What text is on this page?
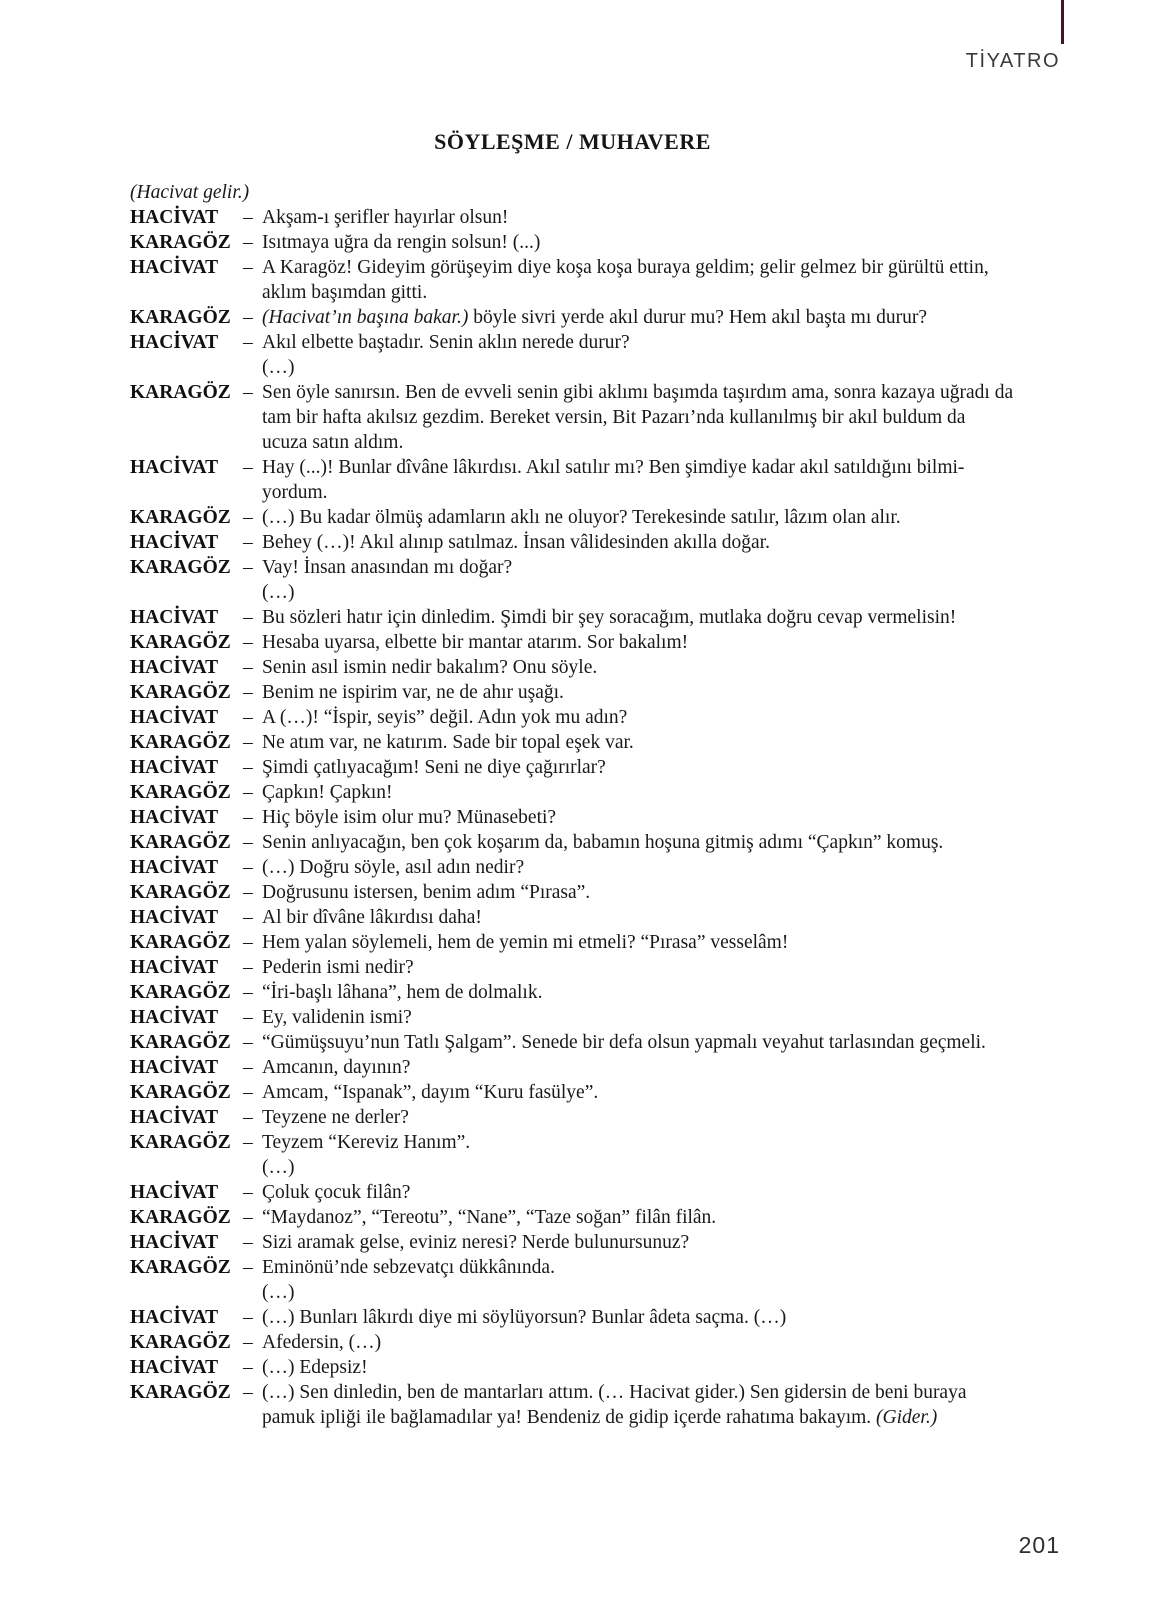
TİYATRO
SÖYLEŞME / MUHAVERE
(Hacivat gelir.)
HACİVAT	– Akşam-ı şerifler hayırlar olsun!
KARAGÖZ – Isıtmaya uğra da rengin solsun! (...)
HACİVAT	– A Karagöz! Gideyim görüşeyim diye koşa koşa buraya geldim; gelir gelmez bir gürültü ettin, aklım başımdan gitti.
KARAGÖZ – (Hacivat’ın başına bakar.) böyle sivri yerde akıl durur mu? Hem akıl başta mı durur?
HACİVAT	– Akıl elbette baştadır. Senin aklın nerede durur?
(…)
KARAGÖZ – Sen öyle sanırsın. Ben de evveli senin gibi aklımı başımda taşırdım ama, sonra kazaya uğradı da tam bir hafta akılsız gezdim. Bereket versin, Bit Pazarı’nda kullanılmış bir akıl buldum da ucuza satın aldım.
HACİVAT	– Hay (...)! Bunlar dîvâne lâkırdısı. Akıl satılır mı? Ben şimdiye kadar akıl satıldığını bilmi-yordum.
KARAGÖZ – (…) Bu kadar ölmüş adamların aklı ne oluyor? Terekesinde satılır, lâzım olan alır.
HACİVAT	– Behey (…)! Akıl alınıp satılmaz. İnsan vâlidesinden akılla doğar.
KARAGÖZ – Vay! İnsan anasından mı doğar?
(…)
HACİVAT	– Bu sözleri hatır için dinledim. Şimdi bir şey soracağım, mutlaka doğru cevap vermelisin!
KARAGÖZ – Hesaba uyarsa, elbette bir mantar atarım. Sor bakalım!
HACİVAT	– Senin asıl ismin nedir bakalım? Onu söyle.
KARAGÖZ – Benim ne ispirim var, ne de ahır uşağı.
HACİVAT	– A (…)! “İspir, seyis” değil. Adın yok mu adın?
KARAGÖZ – Ne atım var, ne katırım. Sade bir topal eşek var.
HACİVAT	– Şimdi çatlıyacağım! Seni ne diye çağırırlar?
KARAGÖZ – Çapkın! Çapkın!
HACİVAT	– Hiç böyle isim olur mu? Münasebeti?
KARAGÖZ – Senin anlıyacağın, ben çok koşarım da, babamın hoşuna gitmiş adımı “Çapkın” komuş.
HACİVAT	– (…) Doğru söyle, asıl adın nedir?
KARAGÖZ – Doğrusunu istersen, benim adım “Pırasa”.
HACİVAT	– Al bir dîvâne lâkırdısı daha!
KARAGÖZ – Hem yalan söylemeli, hem de yemin mi etmeli? “Pırasa” vesselâm!
HACİVAT	– Pederin ismi nedir?
KARAGÖZ – “İri-başlı lâhana”, hem de dolmalık.
HACİVAT	– Ey, validenin ismi?
KARAGÖZ – “Gümüşsuyu’nun Tatlı Şalgam”. Senede bir defa olsun yapmalı veyahut tarlasından geçmeli.
HACİVAT	– Amcanın, dayının?
KARAGÖZ – Amcam, “Ispanak”, dayım “Kuru fasülye”.
HACİVAT	– Teyzene ne derler?
KARAGÖZ – Teyzem “Kereviz Hanım”.
(…)
HACİVAT	– Çoluk çocuk filân?
KARAGÖZ – “Maydanoz”, “Tereotu”, “Nane”, “Taze soğan” filân filân.
HACİVAT	– Sizi aramak gelse, eviniz neresi? Nerde bulunursunuz?
KARAGÖZ – Eminönü’nde sebzevatçı dükkânında.
(…)
HACİVAT	– (…) Bunları lâkırdı diye mi söylüyorsun? Bunlar âdeta saçma. (…)
KARAGÖZ – Afedersin, (…)
HACİVAT	– (…) Edepsiz!
KARAGÖZ – (…) Sen dinledin, ben de mantarları attım. (… Hacivat gider.) Sen gidersin de beni buraya pamuk ipliği ile bağlamadılar ya! Bendeniz de gidip içerde rahatıma bakayım. (Gider.)
201
